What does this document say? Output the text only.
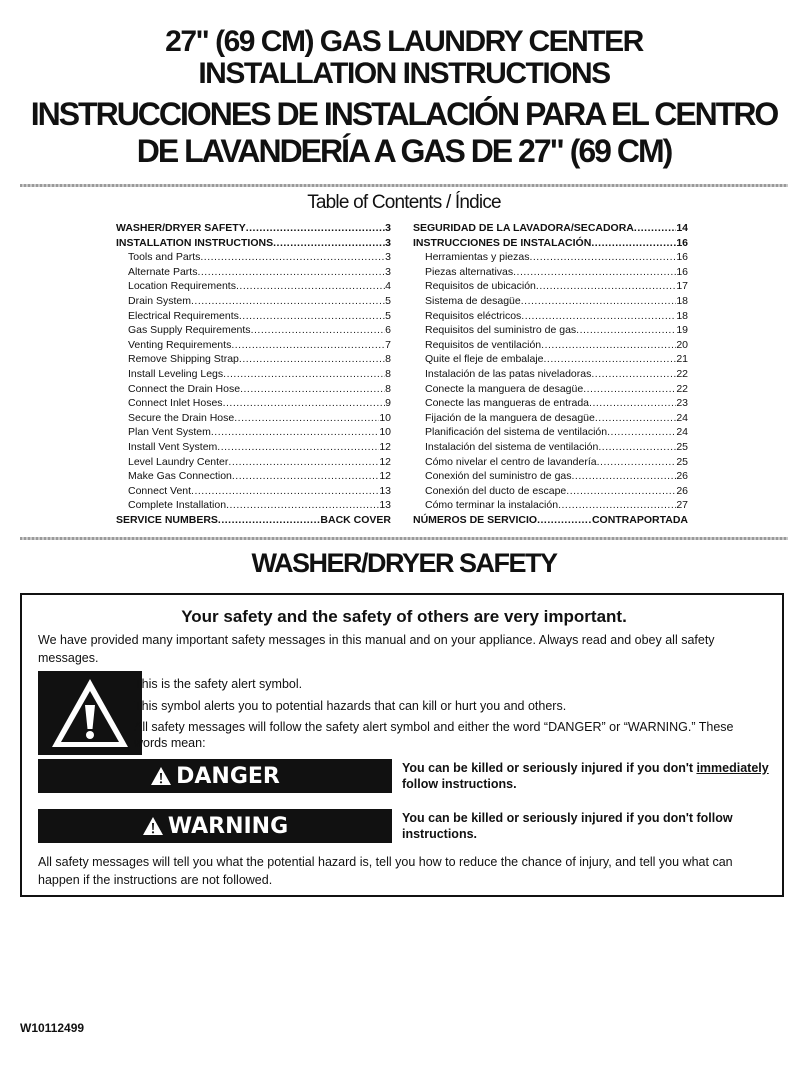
27" (69 CM) GAS LAUNDRY CENTER
INSTALLATION INSTRUCTIONS
INSTRUCCIONES DE INSTALACIÓN PARA EL CENTRO
DE LAVANDERÍA A GAS DE 27" (69 CM)
Table of Contents / Índice
WASHER/DRYER SAFETY .....	3
INSTALLATION INSTRUCTIONS .....	3
Tools and Parts .....	3
Alternate Parts .....	3
Location Requirements .....	4
Drain System .....	5
Electrical Requirements .....	5
Gas Supply Requirements .....	6
Venting Requirements .....	7
Remove Shipping Strap .....	8
Install Leveling Legs .....	8
Connect the Drain Hose .....	8
Connect Inlet Hoses .....	9
Secure the Drain Hose .....	10
Plan Vent System .....	10
Install Vent System .....	12
Level Laundry Center .....	12
Make Gas Connection .....	12
Connect Vent .....	13
Complete Installation .....	13
SERVICE NUMBERS .....	BACK COVER
SEGURIDAD DE LA LAVADORA/SECADORA .....	14
INSTRUCCIONES DE INSTALACIÓN .....	16
Herramientas y piezas .....	16
Piezas alternativas .....	16
Requisitos de ubicación .....	17
Sistema de desagüe .....	18
Requisitos eléctricos .....	18
Requisitos del suministro de gas .....	19
Requisitos de ventilación .....	20
Quite el fleje de embalaje .....	21
Instalación de las patas niveladoras .....	22
Conecte la manguera de desagüe .....	22
Conecte las mangueras de entrada .....	23
Fijación de la manguera de desagüe .....	24
Planificación del sistema de ventilación .....	24
Instalación del sistema de ventilación .....	25
Cómo nivelar el centro de lavandería .....	25
Conexión del suministro de gas .....	26
Conexión del ducto de escape .....	26
Cómo terminar la instalación .....	27
NÚMEROS DE SERVICIO .....	CONTRAPORTADA
WASHER/DRYER SAFETY
Your safety and the safety of others are very important.
We have provided many important safety messages in this manual and on your appliance. Always read and obey all safety messages.
This is the safety alert symbol.
This symbol alerts you to potential hazards that can kill or hurt you and others.
All safety messages will follow the safety alert symbol and either the word “DANGER” or “WARNING.” These words mean:
DANGER	You can be killed or seriously injured if you don't immediately follow instructions.
WARNING	You can be killed or seriously injured if you don't follow instructions.
All safety messages will tell you what the potential hazard is, tell you how to reduce the chance of injury, and tell you what can happen if the instructions are not followed.
W10112499
